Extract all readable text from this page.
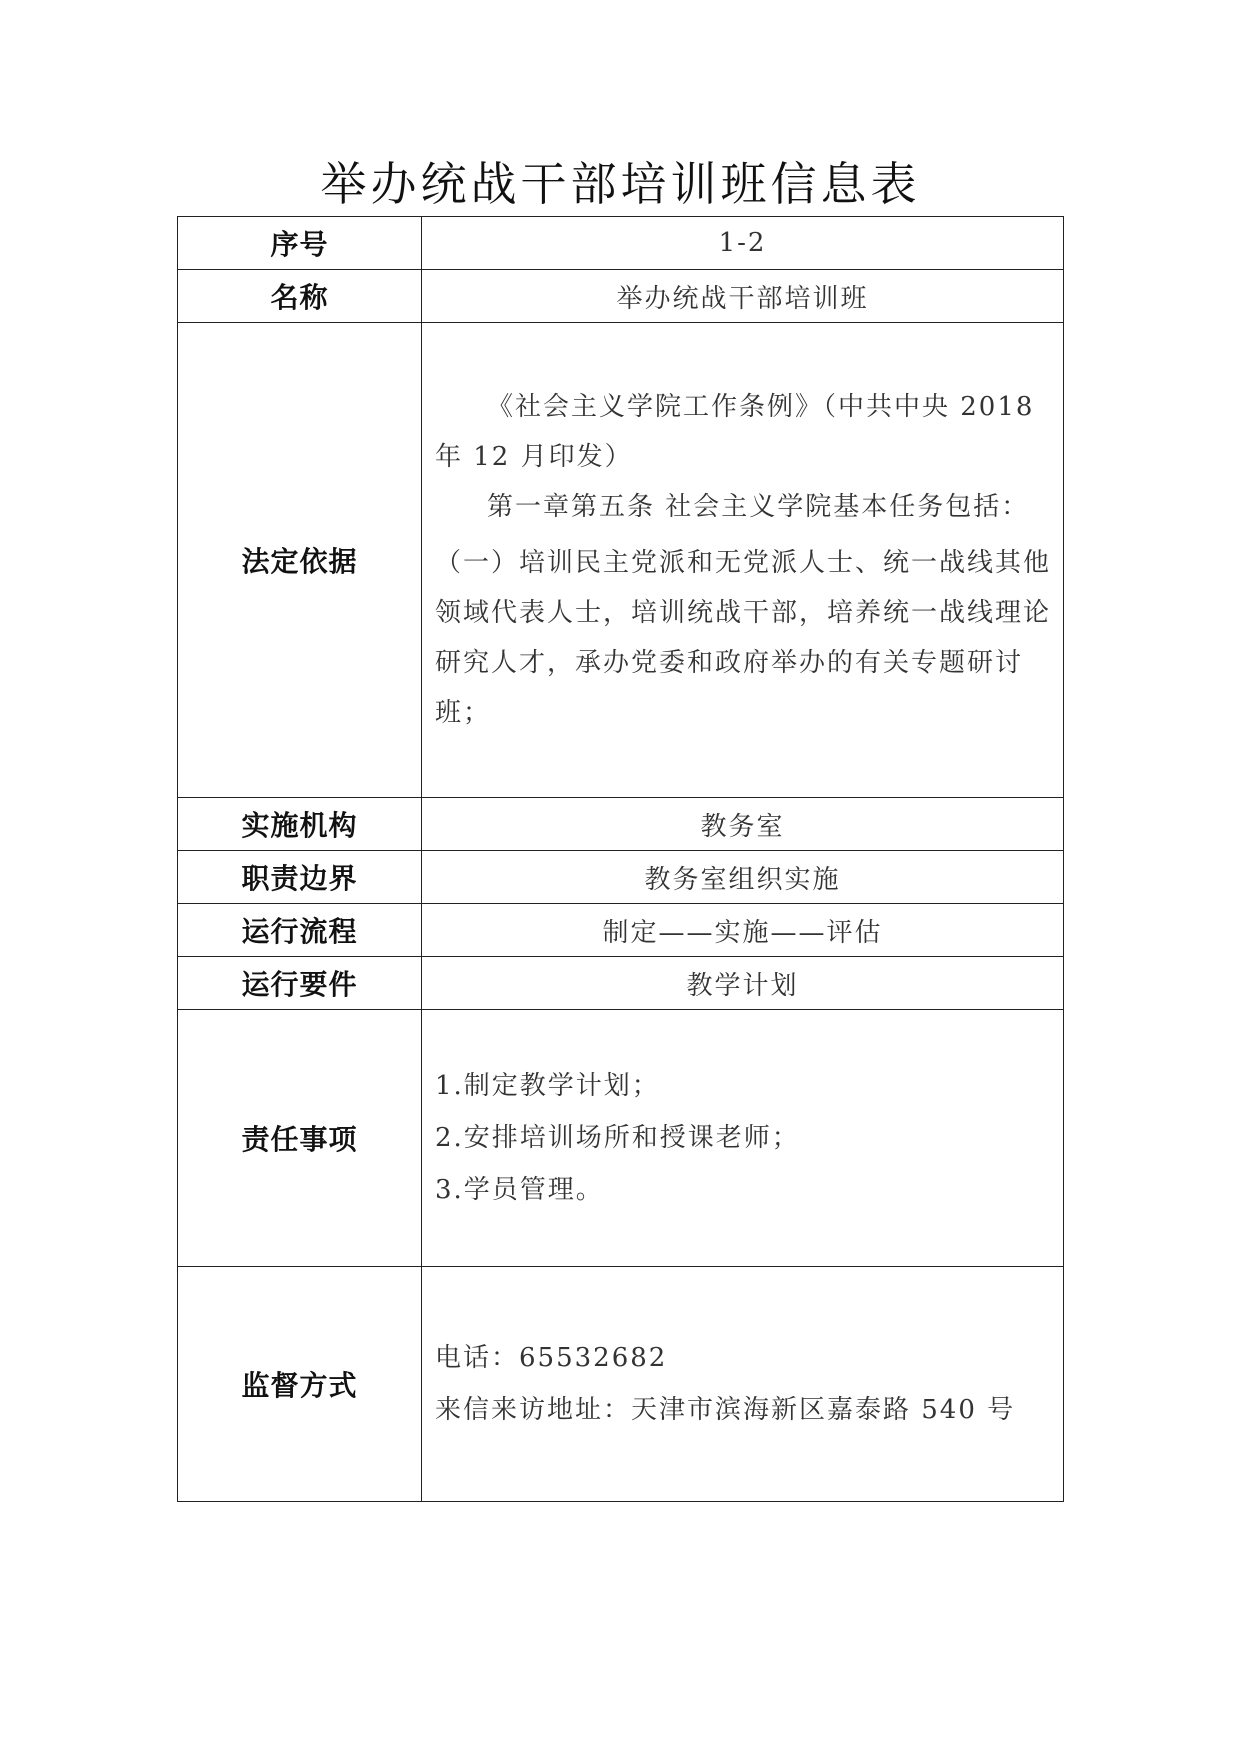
举办统战干部培训班信息表
序号	1-2
名称	举办统战干部培训班
法定依据	《社会主义学院工作条例》（中共中央 2018 年 12 月印发）

第一章第五条 社会主义学院基本任务包括：

（一）培训民主党派和无党派人士、统一战线其他领域代表人士，培训统战干部，培养统一战线理论研究人才，承办党委和政府举办的有关专题研讨班；

实施机构	教务室
职责边界	教务室组织实施
运行流程	制定——实施——评估
运行要件	教学计划
责任事项	1.制定教学计划；
2.安排培训场所和授课老师；
3.学员管理。

监督方式	电话：65532682
来信来访地址：天津市滨海新区嘉泰路 540 号
